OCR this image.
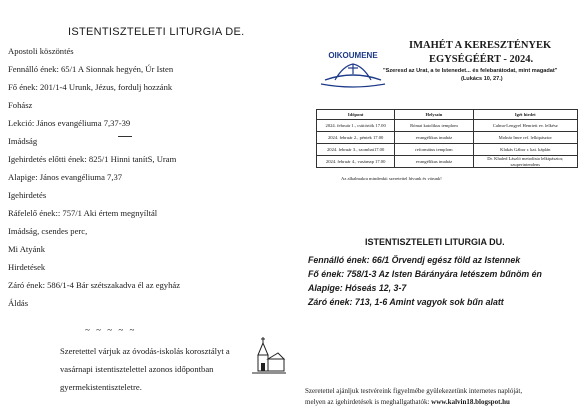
ISTENTISZTELETI LITURGIA DE.
Apostoli köszöntés
Fennálló ének: 65/1 A Sionnak hegyén, Úr Isten
Fő ének: 201/1-4 Urunk, Jézus, fordulj hozzánk
Fohász
Lekció: János evangéliuma 7,37-39
Imádság
Igehirdetés előtti ének: 825/1 Hinni tanítS, Uram
Alapige: János evangéliuma 7,37
Igehirdetés
Ráfelelő ének:: 757/1 Aki értem megnyíltál
Imádság, csendes perc,
Mi Atyánk
Hirdetések
Záró ének: 586/1-4 Bár szétszakadva él az egyház
Áldás
~ ~ ~ ~ ~
Szeretettel várjuk az óvodás-iskolás korosztályt a
vasárnapi istentisztelettel azonos időpontban
gyermekistentiszteletre.
OIKOUMENE
IMAHÉT A KERESZTÉNYEK
EGYSÉGÉÉRT - 2024.
"Szeresd az Urat, a te Istenedet... és felebarátodat, mint magadat"
(Lukács 10, 27.)
Időpont	Helyszín	Igét hirdet
2024. február 1., csütörtök 17.00	Római katolikus templom	Calma-Lengyel Henriett ev. lelkész
2024. február 2., péntek 17.00	evangélikus imaház	Molnár Imre ref. lelkipásztor
2024. február 3., szombat17.00	református templom	Klakás Gábor r. kat. káplán
2024. február 4., vasárnap 17.00	evangélikus imaház	Dr. Khaled László metodista lelkipásztor, szuperintendens
Az alkalmakra mindenkit szeretettel hívunk és várunk!
ISTENTISZTELETI LITURGIA DU.
Fennálló ének: 66/1 Örvendj egész föld az Istennek
Fő ének: 758/1-3 Az Isten Bárányára letészem bűnöm én
Alapige: Hóseás 12, 3-7
Záró ének: 713, 1-6 Amint vagyok sok bűn alatt
Szeretettel ajánljuk testvéreink figyelmébe gyülekezetünk internetes naplóját,
melyen az igehirdetések is meghallgathatók: www.kalvin18.blogspot.hu
